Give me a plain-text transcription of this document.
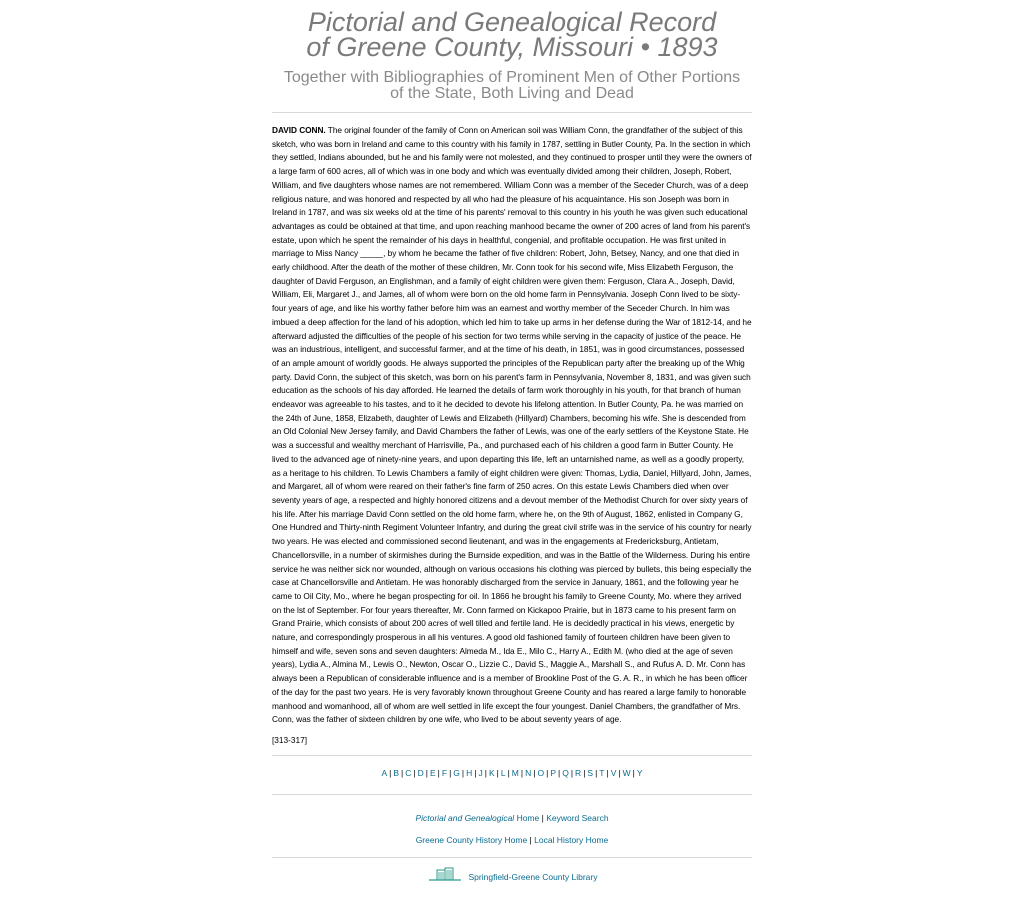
Pictorial and Genealogical Record
of Greene County, Missouri • 1893
Together with Bibliographies of Prominent Men of Other Portions
of the State, Both Living and Dead

DAVID CONN. The original founder of the family of Conn on American soil was William Conn, the grandfather of the subject of this sketch, who was born in Ireland and came to this country with his family in 1787, settling in Butler County, Pa. In the section in which they settled, Indians abounded, but he and his family were not molested, and they continued to prosper until they were the owners of a large farm of 600 acres, all of which was in one body and which was eventually divided among their children, Joseph, Robert, William, and five daughters whose names are not remembered. William Conn was a member of the Seceder Church, was of a deep religious nature, and was honored and respected by all who had the pleasure of his acquaintance. His son Joseph was born in Ireland in 1787, and was six weeks old at the time of his parents' removal to this country in his youth he was given such educational advantages as could be obtained at that time, and upon reaching manhood became the owner of 200 acres of land from his parent's estate, upon which he spent the remainder of his days in healthful, congenial, and profitable occupation. He was first united in marriage to Miss Nancy _____, by whom he became the father of five children: Robert, John, Betsey, Nancy, and one that died in early childhood. After the death of the mother of these children, Mr. Conn took for his second wife, Miss Elizabeth Ferguson, the daughter of David Ferguson, an Englishman, and a family of eight children were given them: Ferguson, Clara A., Joseph, David, William, Eli, Margaret J., and James, all of whom were born on the old home farm in Pennsylvania. Joseph Conn lived to be sixty-four years of age, and like his worthy father before him was an earnest and worthy member of the Seceder Church. In him was imbued a deep affection for the land of his adoption, which led him to take up arms in her defense during the War of 1812-14, and he afterward adjusted the difficulties of the people of his section for two terms while serving in the capacity of justice of the peace. He was an industrious, intelligent, and successful farmer, and at the time of his death, in 1851, was in good circumstances, possessed of an ample amount of worldly goods. He always supported the principles of the Republican party after the breaking up of the Whig party. David Conn, the subject of this sketch, was born on his parent's farm in Pennsylvania, November 8, 1831, and was given such education as the schools of his day afforded. He learned the details of farm work thoroughly in his youth, for that branch of human endeavor was agreeable to his tastes, and to it he decided to devote his lifelong attention. In Butler County, Pa. he was married on the 24th of June, 1858, Elizabeth, daughter of Lewis and Elizabeth (Hillyard) Chambers, becoming his wife. She is descended from an Old Colonial New Jersey family, and David Chambers the father of Lewis, was one of the early settlers of the Keystone State. He was a successful and wealthy merchant of Harrisville, Pa., and purchased each of his children a good farm in Butter County. He lived to the advanced age of ninety-nine years, and upon departing this life, left an untarnished name, as well as a goodly property, as a heritage to his children. To Lewis Chambers a family of eight children were given: Thomas, Lydia, Daniel, Hillyard, John, James, and Margaret, all of whom were reared on their father's fine farm of 250 acres. On this estate Lewis Chambers died when over seventy years of age, a respected and highly honored citizens and a devout member of the Methodist Church for over sixty years of his life. After his marriage David Conn settled on the old home farm, where he, on the 9th of August, 1862, enlisted in Company G, One Hundred and Thirty-ninth Regiment Volunteer Infantry, and during the great civil strife was in the service of his country for nearly two years. He was elected and commissioned second lieutenant, and was in the engagements at Fredericksburg, Antietam, Chancellorsville, in a number of skirmishes during the Burnside expedition, and was in the Battle of the Wilderness. During his entire service he was neither sick nor wounded, although on various occasions his clothing was pierced by bullets, this being especially the case at Chancellorsville and Antietam. He was honorably discharged from the service in January, 1861, and the following year he came to Oil City, Mo., where he began prospecting for oil. In 1866 he brought his family to Greene County, Mo. where they arrived on the lst of September. For four years thereafter, Mr. Conn farmed on Kickapoo Prairie, but in 1873 came to his present farm on Grand Prairie, which consists of about 200 acres of well tilled and fertile land. He is decidedly practical in his views, energetic by nature, and correspondingly prosperous in all his ventures. A good old fashioned family of fourteen children have been given to himself and wife, seven sons and seven daughters: Almeda M., Ida E., Milo C., Harry A., Edith M. (who died at the age of seven years), Lydia A., Almina M., Lewis O., Newton, Oscar O., Lizzie C., David S., Maggie A., Marshall S., and Rufus A. D. Mr. Conn has always been a Republican of considerable influence and is a member of Brookline Post of the G. A. R., in which he has been officer of the day for the past two years. He is very favorably known throughout Greene County and has reared a large family to honorable manhood and womanhood, all of whom are well settled in life except the four youngest. Daniel Chambers, the grandfather of Mrs. Conn, was the father of sixteen children by one wife, who lived to be about seventy years of age.

[313-317]

A | B | C | D | E | F | G | H | J | K | L | M | N | O | P | Q | R | S | T | V | W | Y
Pictorial and Genealogical Home | Keyword Search
Greene County History Home | Local History Home
Springfield-Greene County Library
